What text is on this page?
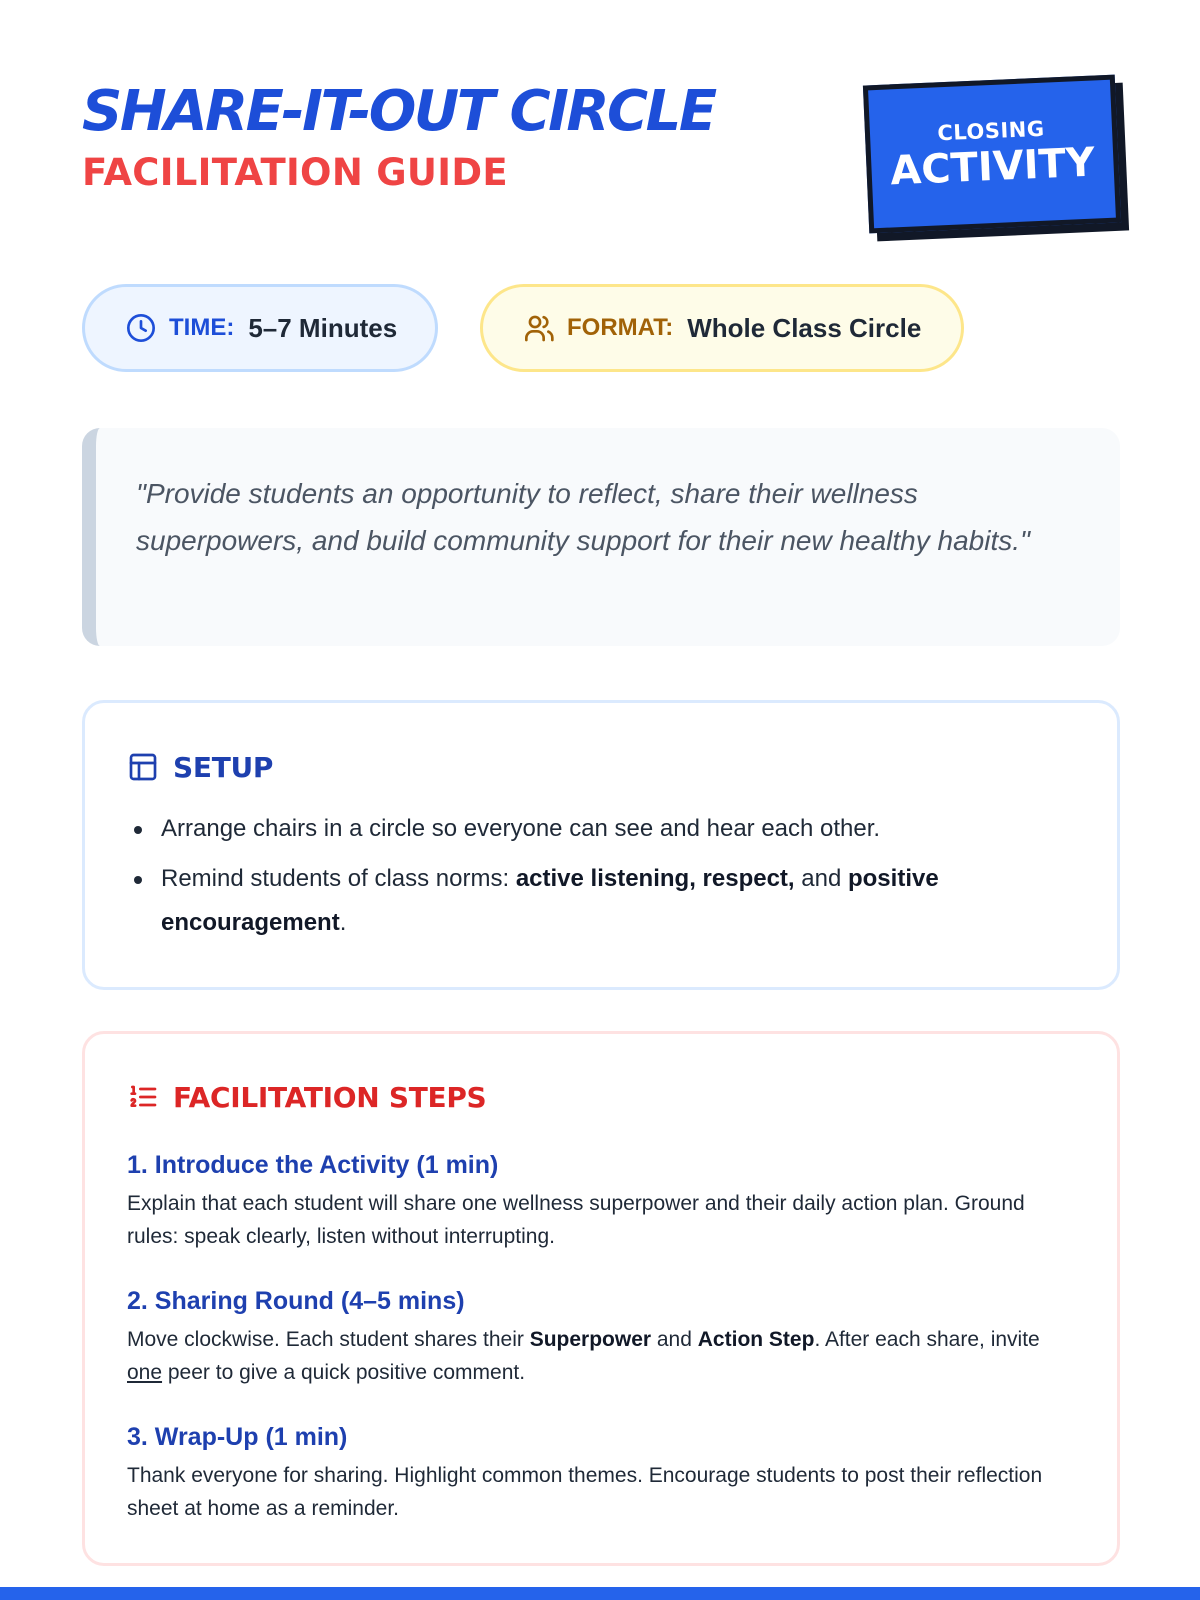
SHARE-IT-OUT CIRCLE
FACILITATION GUIDE
CLOSING
ACTIVITY
TIME: 5–7 Minutes	FORMAT: Whole Class Circle

"Provide students an opportunity to reflect, share their wellness superpowers, and build community support for their new healthy habits."

SETUP
Arrange chairs in a circle so everyone can see and hear each other.
Remind students of class norms: active listening, respect, and positive encouragement.
FACILITATION STEPS
1. Introduce the Activity (1 min)

Explain that each student will share one wellness superpower and their daily action plan. Ground rules: speak clearly, listen without interrupting.

2. Sharing Round (4–5 mins)

Move clockwise. Each student shares their Superpower and Action Step. After each share, invite one peer to give a quick positive comment.

3. Wrap-Up (1 min)

Thank everyone for sharing. Highlight common themes. Encourage students to post their reflection sheet at home as a reminder.
